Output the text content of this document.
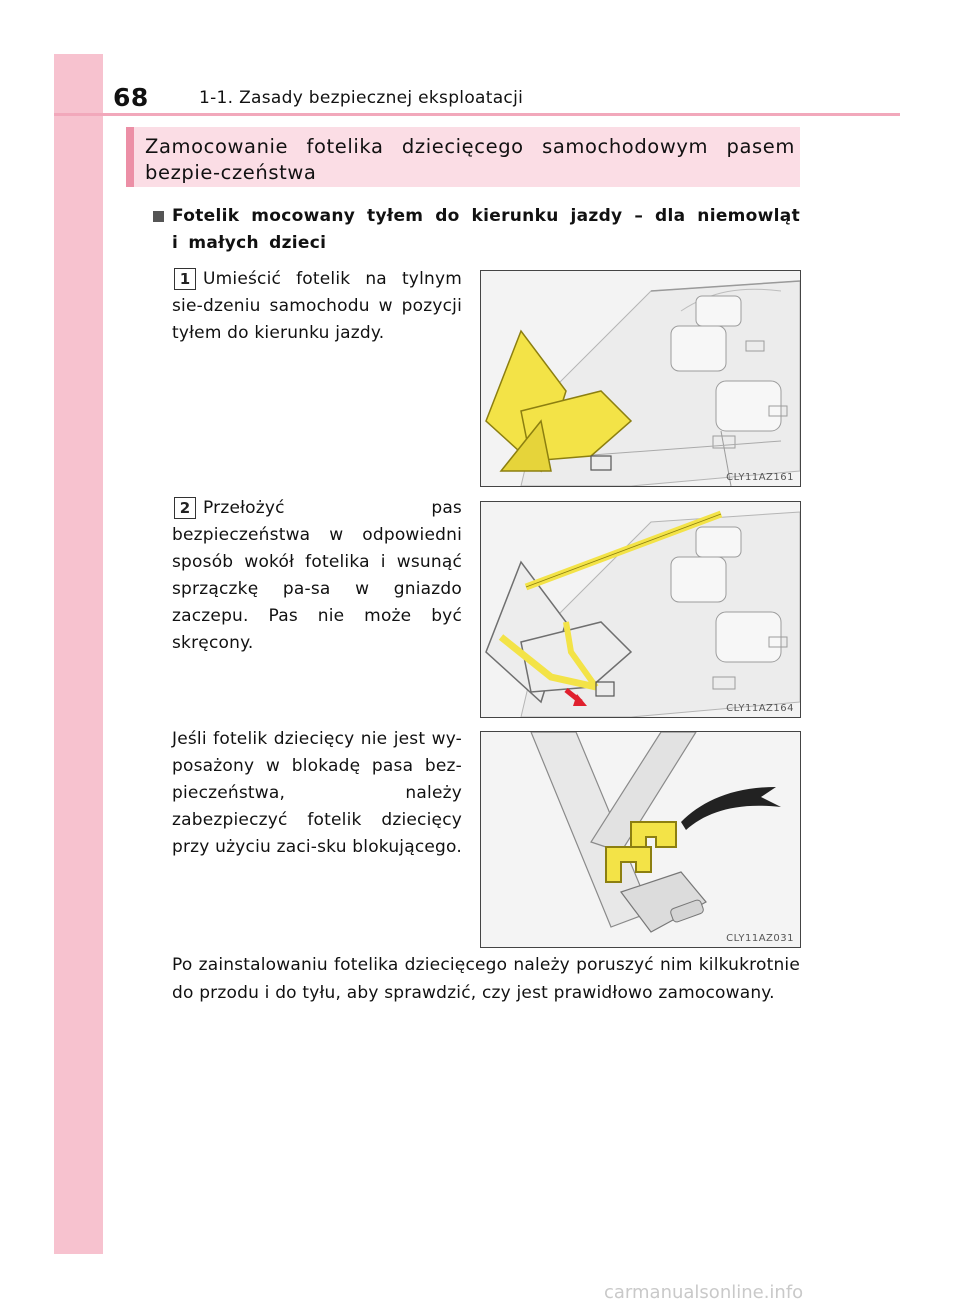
68	1-1. Zasady bezpiecznej eksploatacji
Zamocowanie fotelika dziecięcego samochodowym pasem bezpie-czeństwa
Fotelik mocowany tyłem do kierunku jazdy – dla niemowląt i małych dzieci
1 Umieścić fotelik na tylnym sie-dzeniu samochodu w pozycji tyłem do kierunku jazdy.
CLY11AZ161
2 Przełożyć pas bezpieczeństwa w odpowiedni sposób wokół fotelika i wsunąć sprzączkę pa-sa w gniazdo zaczepu. Pas nie może być skręcony.
CLY11AZ164
Jeśli fotelik dziecięcy nie jest wy-posażony w blokadę pasa bez-pieczeństwa, należy zabezpieczyć fotelik dziecięcy przy użyciu zaci-sku blokującego.
CLY11AZ031
Po zainstalowaniu fotelika dziecięcego należy poruszyć nim kilkukrotnie do przodu i do tyłu, aby sprawdzić, czy jest prawidłowo zamocowany.
carmanualsonline.info
